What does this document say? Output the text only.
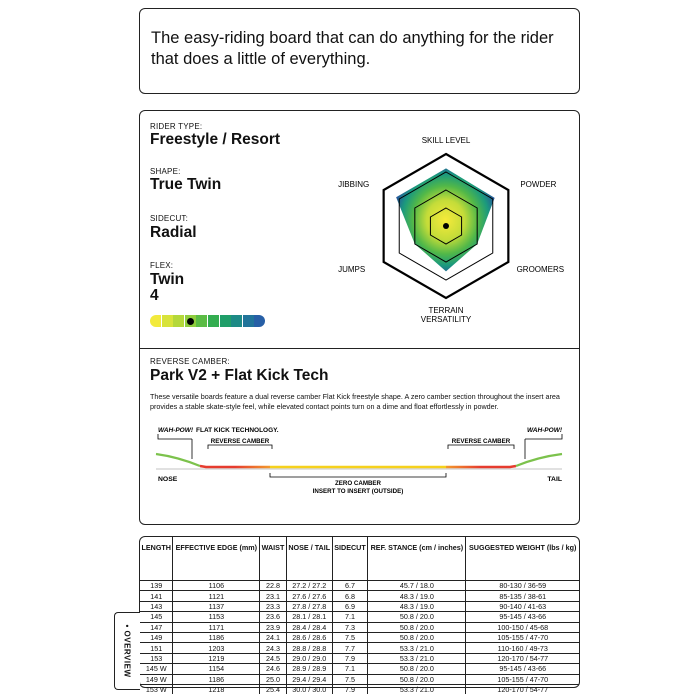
The easy-riding board that can do anything for the rider that does a little of everything.
RIDER TYPE:
Freestyle / Resort
SHAPE:
True Twin
SIDECUT:
Radial
FLEX:
Twin
4
SKILL LEVEL
POWDER
GROOMERS
TERRAIN
VERSATILITY
JUMPS
JIBBING
REVERSE CAMBER:
Park V2 + Flat Kick Tech
These versatile boards feature a dual reverse camber Flat Kick freestyle shape. A zero camber section throughout the insert area provides a stable skate-style feel, while elevated contact points turn on a dime and float effortlessly in powder.
WAH-POW! FLAT KICK TECHNOLOGY.	WAH-POW!
REVERSE CAMBER	REVERSE CAMBER
ZERO CAMBER
INSERT TO INSERT (OUTSIDE)
NOSE	TAIL
LENGTH	EFFECTIVE EDGE (mm)	WAIST	NOSE / TAIL	SIDECUT	REF. STANCE (cm / inches)	SUGGESTED WEIGHT (lbs / kg)
139	1106	22.8	27.2 / 27.2	6.7	45.7 / 18.0	80-130 / 36-59
141	1121	23.1	27.6 / 27.6	6.8	48.3 / 19.0	85-135 / 38-61
143	1137	23.3	27.8 / 27.8	6.9	48.3 / 19.0	90-140 / 41-63
145	1153	23.6	28.1 / 28.1	7.1	50.8 / 20.0	95-145 / 43-66
147	1171	23.9	28.4 / 28.4	7.3	50.8 / 20.0	100-150 / 45-68
149	1186	24.1	28.6 / 28.6	7.5	50.8 / 20.0	105-155 / 47-70
151	1203	24.3	28.8 / 28.8	7.7	53.3 / 21.0	110-160 / 49-73
153	1219	24.5	29.0 / 29.0	7.9	53.3 / 21.0	120-170 / 54-77
145 W	1154	24.6	28.9 / 28.9	7.1	50.8 / 20.0	95-145 / 43-66
149 W	1186	25.0	29.4 / 29.4	7.5	50.8 / 20.0	105-155 / 47-70
153 W	1218	25.4	30.0 / 30.0	7.9	53.3 / 21.0	120-170 / 54-77
• OVERVIEW
